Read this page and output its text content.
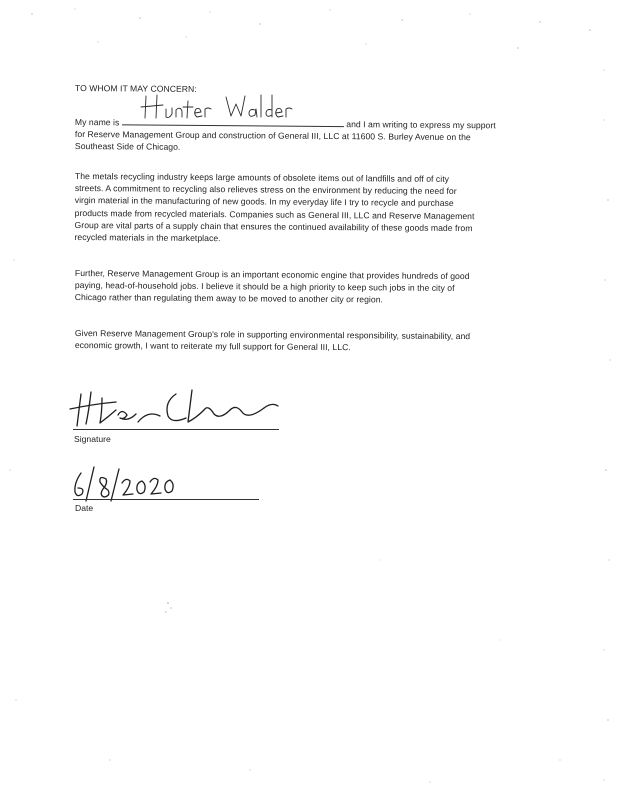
TO WHOM IT MAY CONCERN:
My name is	and I am writing to express my support
for Reserve Management Group and construction of General III, LLC at 11600 S. Burley Avenue on the
Southeast Side of Chicago.
The metals recycling industry keeps large amounts of obsolete items out of landfills and off of city
streets. A commitment to recycling also relieves stress on the environment by reducing the need for
virgin material in the manufacturing of new goods. In my everyday life I try to recycle and purchase
products made from recycled materials. Companies such as General III, LLC and Reserve Management
Group are vital parts of a supply chain that ensures the continued availability of these goods made from
recycled materials in the marketplace.
Further, Reserve Management Group is an important economic engine that provides hundreds of good
paying, head-of-household jobs. I believe it should be a high priority to keep such jobs in the city of
Chicago rather than regulating them away to be moved to another city or region.
Given Reserve Management Group's role in supporting environmental responsibility, sustainability, and
economic growth, I want to reiterate my full support for General III, LLC.
Signature
Date
